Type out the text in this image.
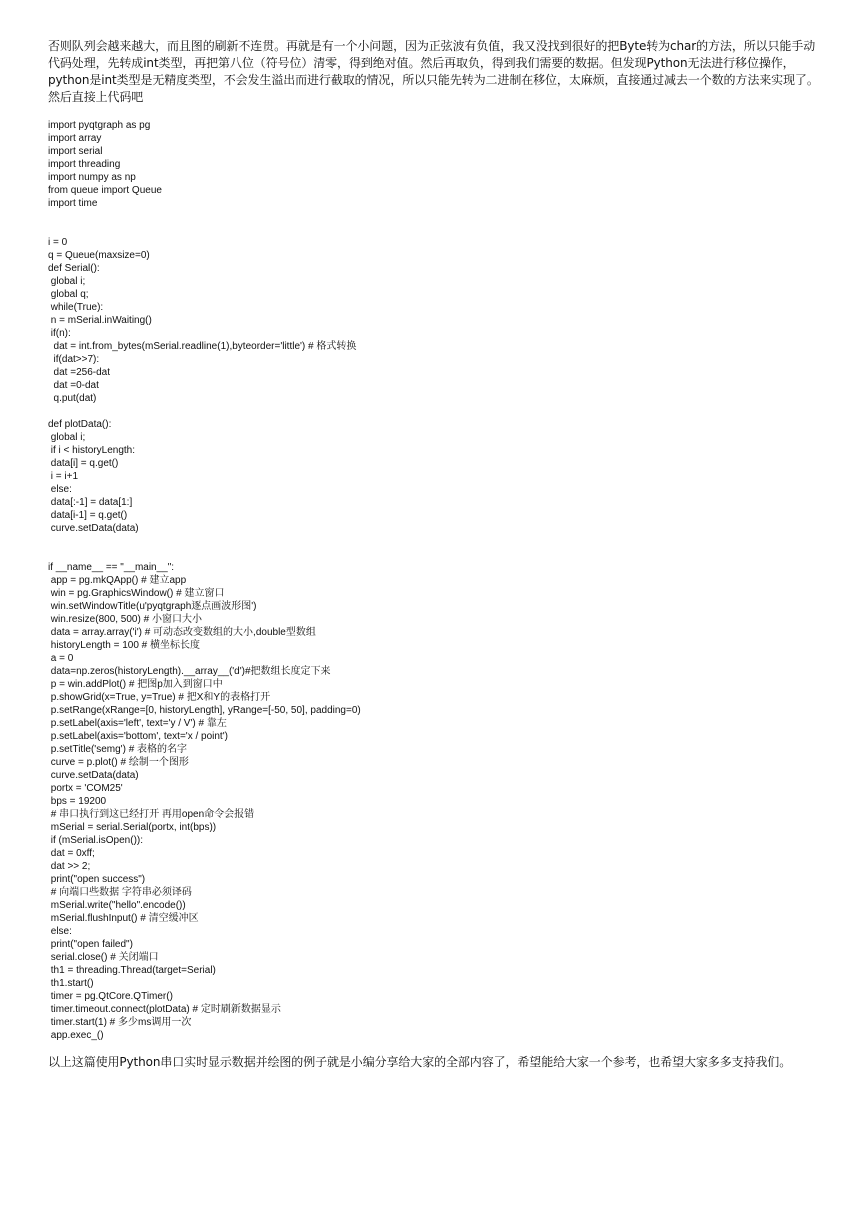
否则队列会越来越大，而且图的刷新不连贯。再就是有一个小问题，因为正弦波有负值，我又没找到很好的把Byte转为char的方法，所以只能手动代码处理，先转成int类型，再把第八位（符号位）清零，得到绝对值。然后再取负，得到我们需要的数据。但发现Python无法进行移位操作，python是int类型是无精度类型，不会发生溢出而进行截取的情况，所以只能先转为二进制在移位，太麻烦，直接通过减去一个数的方法来实现了。然后直接上代码吧

import pyqtgraph as pg
import array
import serial
import threading
import numpy as np
from queue import Queue
import time
i = 0
q = Queue(maxsize=0)
def Serial():
global i;
global q;
while(True):
n = mSerial.inWaiting()
if(n):
dat = int.from_bytes(mSerial.readline(1),byteorder='little') # 格式转换
if(dat>>7):
dat =256-dat
dat =0-dat
q.put(dat)
def plotData():
global i;
if i < historyLength:
data[i] = q.get()
i = i+1
else:
data[:-1] = data[1:]
data[i-1] = q.get()
curve.setData(data)
if __name__ == "__main__":
app = pg.mkQApp() # 建立app
win = pg.GraphicsWindow() # 建立窗口
win.setWindowTitle(u'pyqtgraph逐点画波形图')
win.resize(800, 500) # 小窗口大小
data = array.array('i') # 可动态改变数组的大小,double型数组
historyLength = 100 # 横坐标长度
a = 0
data=np.zeros(historyLength).__array__('d')#把数组长度定下来
p = win.addPlot() # 把图p加入到窗口中
p.showGrid(x=True, y=True) # 把X和Y的表格打开
p.setRange(xRange=[0, historyLength], yRange=[-50, 50], padding=0)
p.setLabel(axis='left', text='y / V') # 靠左
p.setLabel(axis='bottom', text='x / point')
p.setTitle('semg') # 表格的名字
curve = p.plot() # 绘制一个图形
curve.setData(data)
portx = 'COM25'
bps = 19200
# 串口执行到这已经打开 再用open命令会报错
mSerial = serial.Serial(portx, int(bps))
if (mSerial.isOpen()):
dat = 0xff;
dat >> 2;
print("open success")
# 向端口些数据 字符串必须译码
mSerial.write("hello".encode())
mSerial.flushInput() # 清空缓冲区
else:
print("open failed")
serial.close() # 关闭端口
th1 = threading.Thread(target=Serial)
th1.start()
timer = pg.QtCore.QTimer()
timer.timeout.connect(plotData) # 定时刷新数据显示
timer.start(1) # 多少ms调用一次
app.exec_()

以上这篇使用Python串口实时显示数据并绘图的例子就是小编分享给大家的全部内容了，希望能给大家一个参考，也希望大家多多支持我们。
